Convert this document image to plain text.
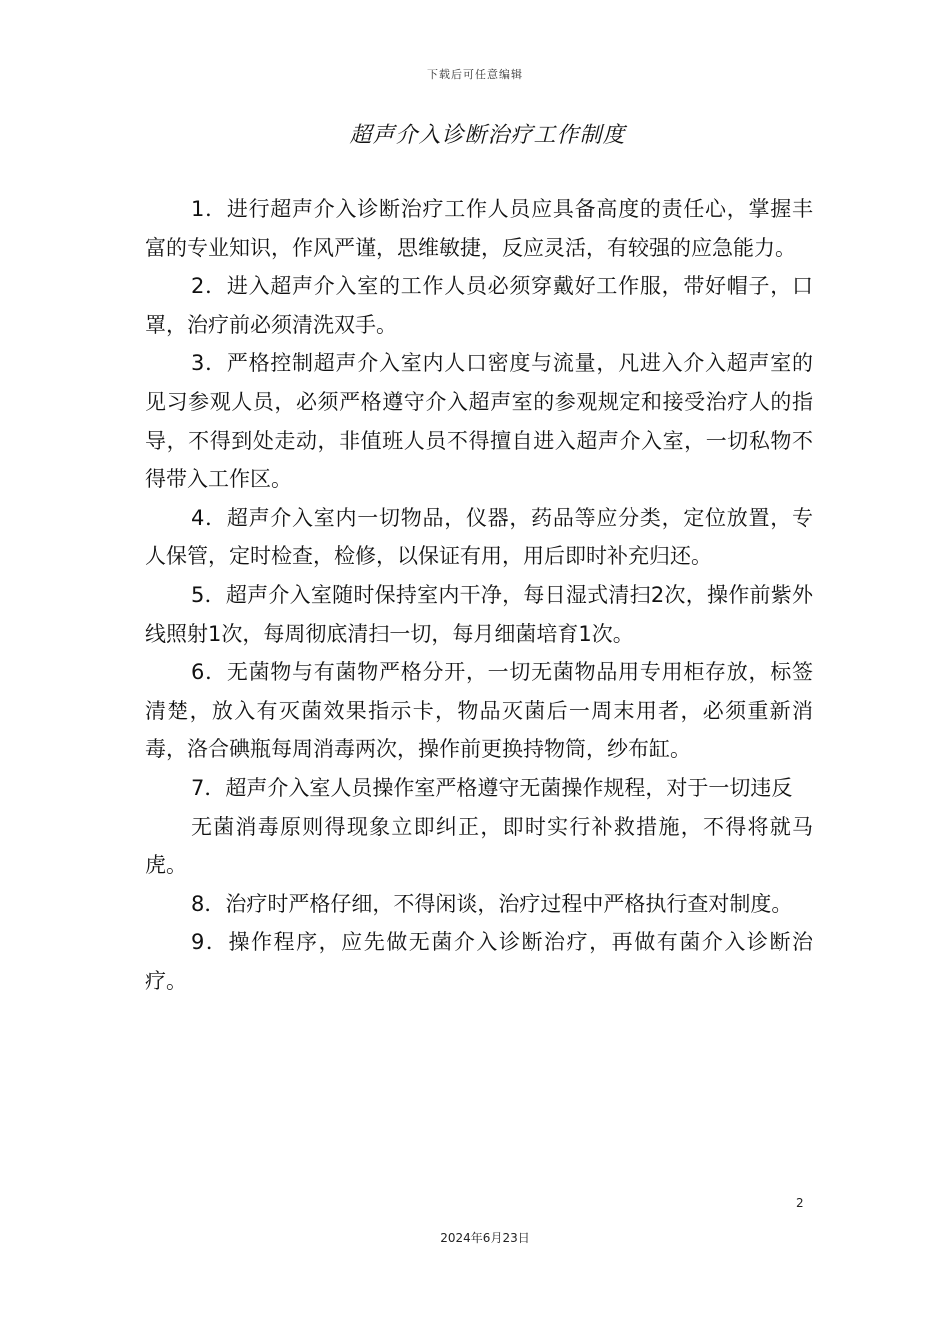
下载后可任意编辑
超声介入诊断治疗工作制度

1．进行超声介入诊断治疗工作人员应具备高度的责任心，掌握丰富的专业知识，作风严谨，思维敏捷，反应灵活，有较强的应急能力。

2．进入超声介入室的工作人员必须穿戴好工作服，带好帽子，口罩，治疗前必须清洗双手。

3．严格控制超声介入室内人口密度与流量，凡进入介入超声室的见习参观人员，必须严格遵守介入超声室的参观规定和接受治疗人的指导，不得到处走动，非值班人员不得擅自进入超声介入室，一切私物不得带入工作区。

4．超声介入室内一切物品，仪器，药品等应分类，定位放置，专人保管，定时检查，检修，以保证有用，用后即时补充归还。

5．超声介入室随时保持室内干净，每日湿式清扫2次，操作前紫外线照射1次，每周彻底清扫一切，每月细菌培育1次。

6．无菌物与有菌物严格分开，一切无菌物品用专用柜存放，标签清楚，放入有灭菌效果指示卡，物品灭菌后一周末用者，必须重新消毒，洛合碘瓶每周消毒两次，操作前更换持物筒，纱布缸。

7．超声介入室人员操作室严格遵守无菌操作规程，对于一切违反

无菌消毒原则得现象立即纠正，即时实行补救措施，不得将就马虎。

8．治疗时严格仔细，不得闲谈，治疗过程中严格执行查对制度。

9．操作程序，应先做无菌介入诊断治疗，再做有菌介入诊断治疗。

2
2024年6月23日
